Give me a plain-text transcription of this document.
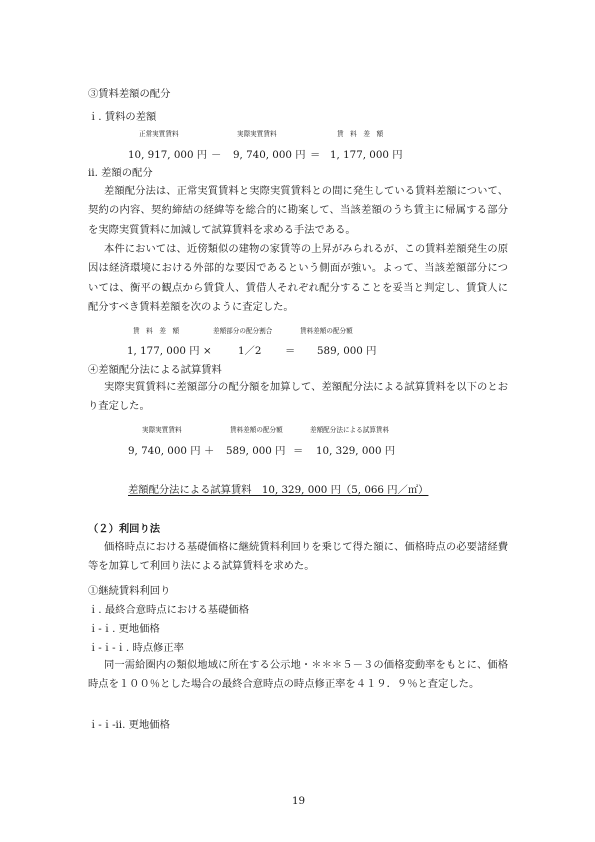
③賃料差額の配分
ｉ. 賃料の差額
正常実質賃料	実際実質賃料	賃　料　差　額
10, 917, 000 円 － 9, 740, 000 円 ＝ 1, 177, 000 円
ⅱ. 差額の配分
差額配分法は、正常実質賃料と実際実質賃料との間に発生している賃料差額について、契約の内容、契約締結の経緯等を総合的に勘案して、当該差額のうち賃主に帰属する部分を実際実質賃料に加減して試算賃料を求める手法である。
本件においては、近傍類似の建物の家賃等の上昇がみられるが、この賃料差額発生の原因は経済環境における外部的な要因であるという側面が強い。よって、当該差額部分については、衡平の観点から賃貸人、賃借人それぞれ配分することを妥当と判定し、賃貸人に配分すべき賃料差額を次のように査定した。
賃　料　差　額	差額部分の配分割合	賃料差額の配分額
1, 177, 000 円 ×	1／2 ＝ 589, 000 円
④差額配分法による試算賃料
実際実質賃料に差額部分の配分額を加算して、差額配分法による試算賃料を以下のとおり査定した。
実際実質賃料	賃料差額の配分額	差額配分法による試算賃料
9, 740, 000 円 ＋ 589, 000 円 ＝ 10, 329, 000 円
差額配分法による試算賃料　10, 329, 000 円（5, 066 円／㎡）
（２）利回り法
価格時点における基礎価格に継続賃料利回りを乗じて得た額に、価格時点の必要諸経費等を加算して利回り法による試算賃料を求めた。
①継続賃料利回り
ｉ. 最終合意時点における基礎価格
ｉ-ｉ. 更地価格
ｉ-ｉ-ｉ. 時点修正率
同一需給圏内の類似地域に所在する公示地・＊＊＊５－３の価格変動率をもとに、価格時点を１００％とした場合の最終合意時点の時点修正率を４１９．９％と査定した。
ｉ-ｉ-ⅱ. 更地価格
19
